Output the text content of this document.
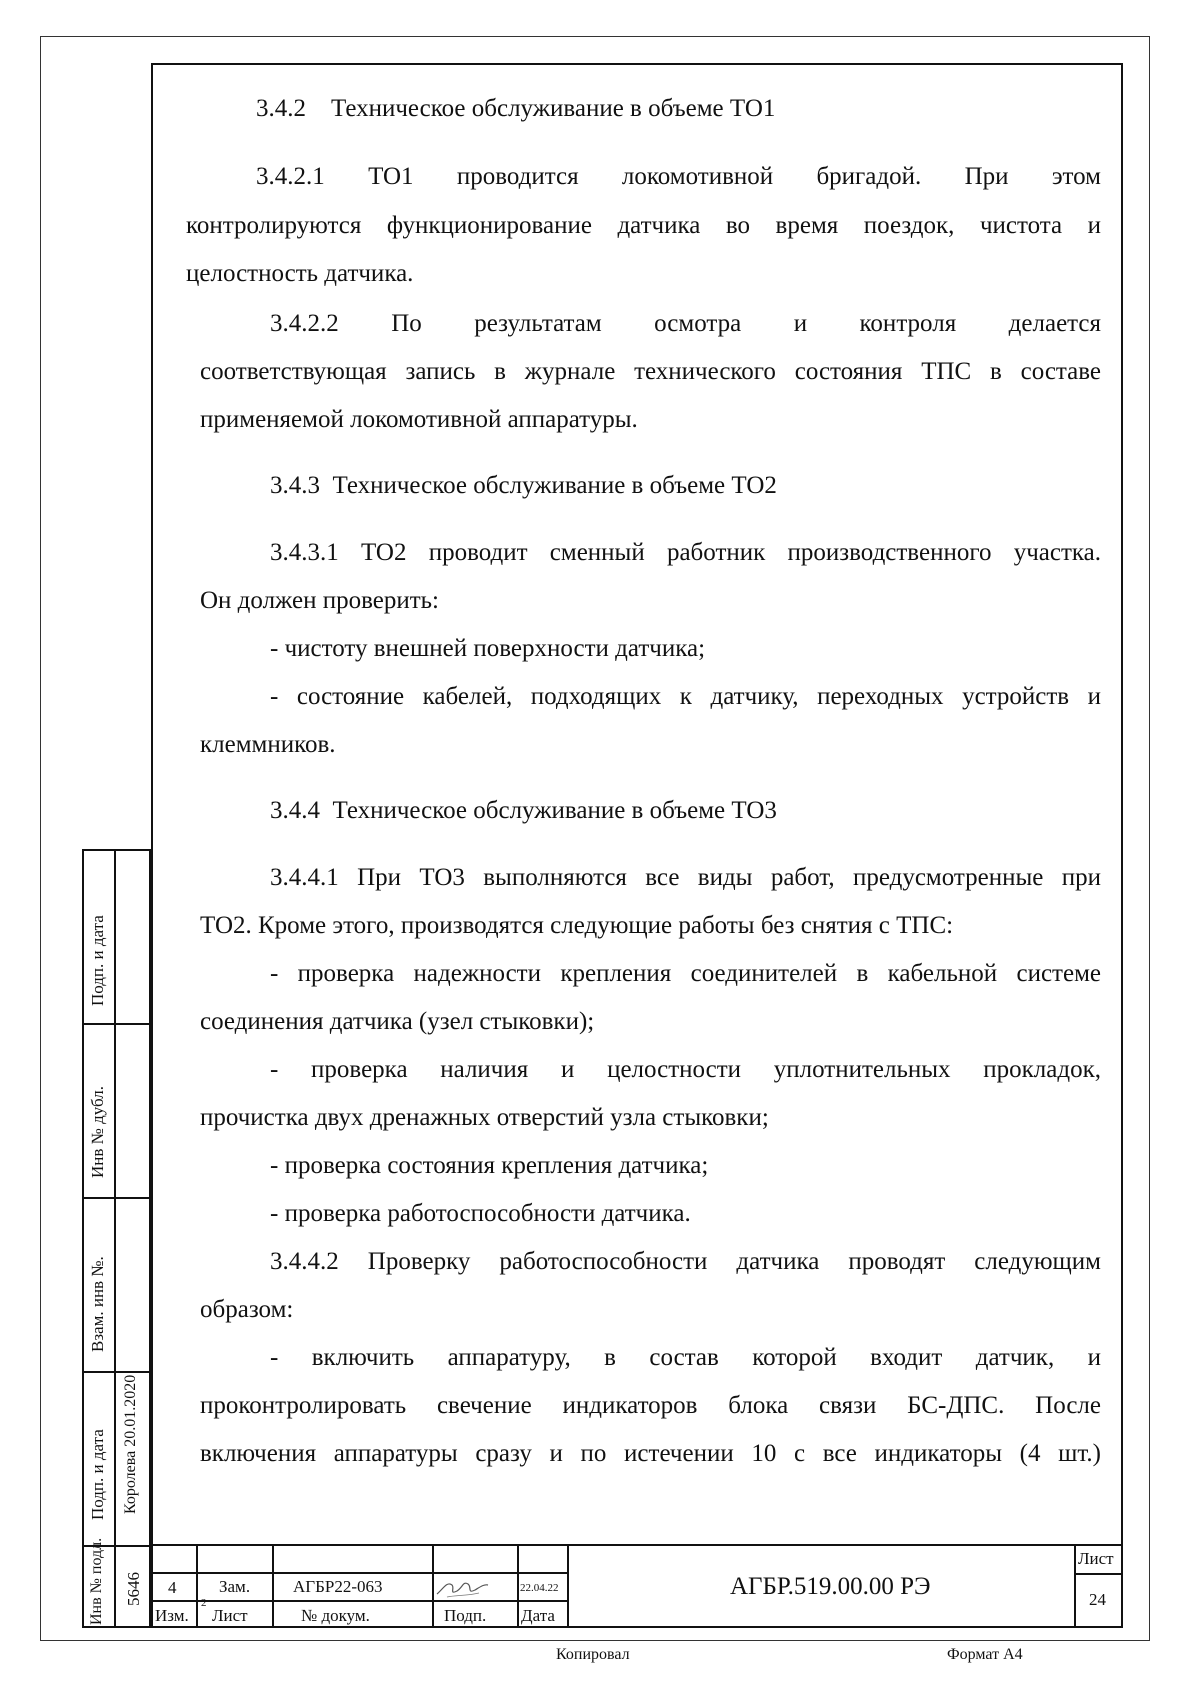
3.4.2    Техническое обслуживание в объеме ТО1
3.4.2.1 ТО1 проводится локомотивной бригадой. При этом
контролируются функционирование датчика во время поездок, чистота и
целостность датчика.
3.4.2.2 По результатам осмотра и контроля делается
соответствующая запись в журнале технического состояния ТПС в составе
применяемой локомотивной аппаратуры.
3.4.3  Техническое обслуживание в объеме ТО2
3.4.3.1 ТО2 проводит сменный работник производственного участка.
Он должен проверить:
- чистоту внешней поверхности датчика;
- состояние кабелей, подходящих к датчику, переходных устройств и
клеммников.
3.4.4  Техническое обслуживание в объеме ТО3
3.4.4.1 При ТО3 выполняются все виды работ, предусмотренные при
ТО2. Кроме этого, производятся следующие работы без снятия с ТПС:
- проверка надежности крепления соединителей в кабельной системе
соединения датчика (узел стыковки);
- проверка наличия и целостности уплотнительных прокладок,
прочистка двух дренажных отверстий узла стыковки;
- проверка состояния крепления датчика;
- проверка работоспособности датчика.
3.4.4.2 Проверку работоспособности датчика проводят следующим
образом:
- включить аппаратуру, в состав которой входит датчик, и
проконтролировать свечение индикаторов блока связи БС-ДПС. После
включения аппаратуры сразу и по истечении 10 с все индикаторы (4 шт.)
Подп. и дата
Инв № дубл.
Взам. инв №.
Подп. и дата Королева 20.01.2020
Инв № подл. 5646 4	Зам.	АГБР22-063	22.04.22
2
Изм. Лист	№ докум.	Подп. Дата
АГБР.519.00.00 РЭ
Лист
24
Копировал	Формат А4
